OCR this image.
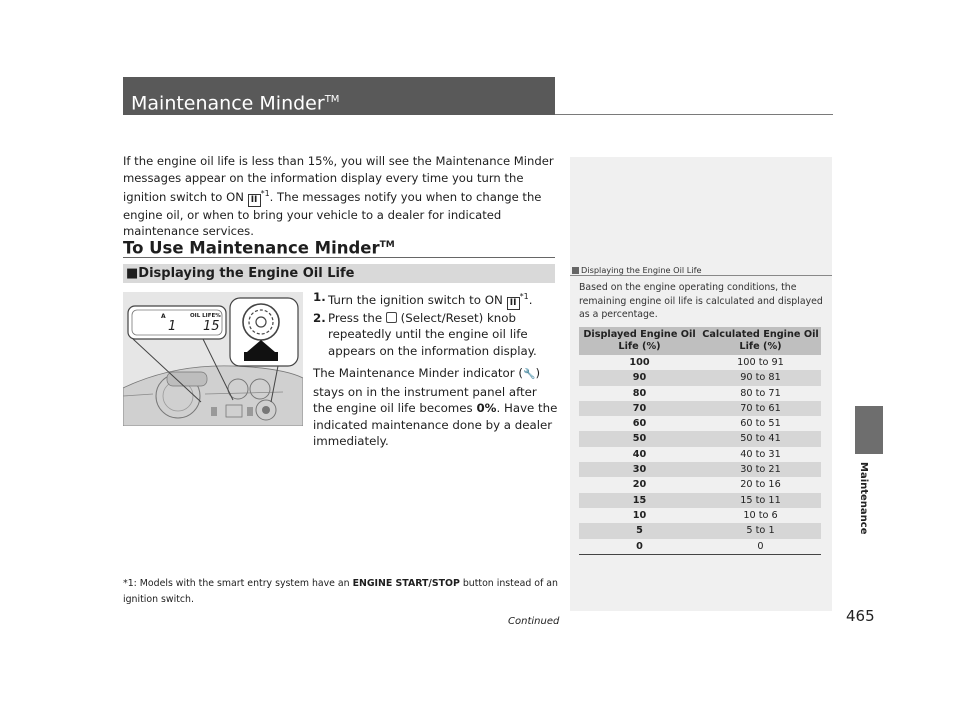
Maintenance Minder™

If the engine oil life is less than 15%, you will see the Maintenance Minder messages appear on the information display every time you turn the ignition switch to ON II$^{*1}$. The messages notify you when to change the engine oil, or when to bring your vehicle to a dealer for indicated maintenance services.

To Use Maintenance Minder™
■Displaying the Engine Oil Life
A	OIL LIFE%
1 15
1. Turn the ignition switch to ON II$^{*1}$.
2. Press the  (Select/Reset) knob repeatedly until the engine oil life appears on the information display.

The Maintenance Minder indicator (🔧) stays on in the instrument panel after the engine oil life becomes 0%. Have the indicated maintenance done by a dealer immediately.

*1: Models with the smart entry system have an ENGINE START/STOP button instead of an ignition switch.

Continued
Displaying the Engine Oil Life

Based on the engine operating conditions, the remaining engine oil life is calculated and displayed as a percentage.

Displayed Engine Oil Life (%)	Calculated Engine Oil Life (%)
100	100 to 91
90	90 to 81
80	80 to 71
70	70 to 61
60	60 to 51
50	50 to 41
40	40 to 31
30	30 to 21
20	20 to 16
15	15 to 11
10	10 to 6
5	5 to 1
0	0
Maintenance
465
